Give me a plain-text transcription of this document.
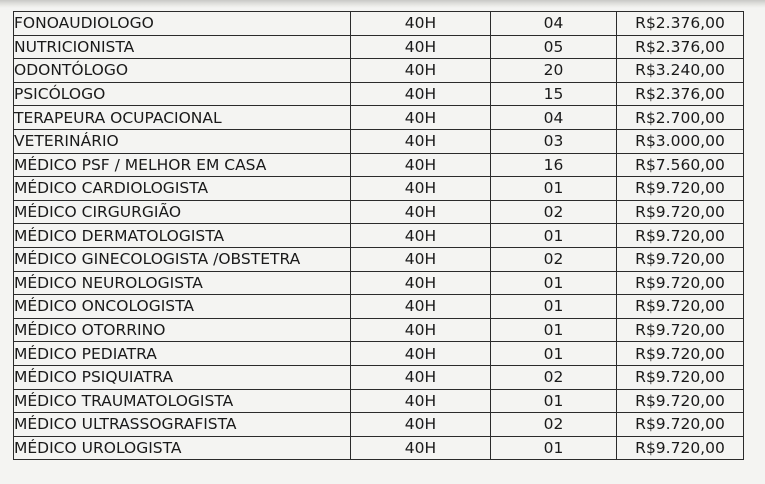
FONOAUDIOLOGO	40H	04	R$2.376,00
NUTRICIONISTA	40H	05	R$2.376,00
ODONTÓLOGO	40H	20	R$3.240,00
PSICÓLOGO	40H	15	R$2.376,00
TERAPEURA OCUPACIONAL	40H	04	R$2.700,00
VETERINÁRIO	40H	03	R$3.000,00
MÉDICO PSF / MELHOR EM CASA	40H	16	R$7.560,00
MÉDICO CARDIOLOGISTA	40H	01	R$9.720,00
MÉDICO CIRGURGIÃO	40H	02	R$9.720,00
MÉDICO DERMATOLOGISTA	40H	01	R$9.720,00
MÉDICO GINECOLOGISTA /OBSTETRA	40H	02	R$9.720,00
MÉDICO NEUROLOGISTA	40H	01	R$9.720,00
MÉDICO ONCOLOGISTA	40H	01	R$9.720,00
MÉDICO OTORRINO	40H	01	R$9.720,00
MÉDICO PEDIATRA	40H	01	R$9.720,00
MÉDICO PSIQUIATRA	40H	02	R$9.720,00
MÉDICO TRAUMATOLOGISTA	40H	01	R$9.720,00
MÉDICO ULTRASSOGRAFISTA	40H	02	R$9.720,00
MÉDICO UROLOGISTA	40H	01	R$9.720,00
